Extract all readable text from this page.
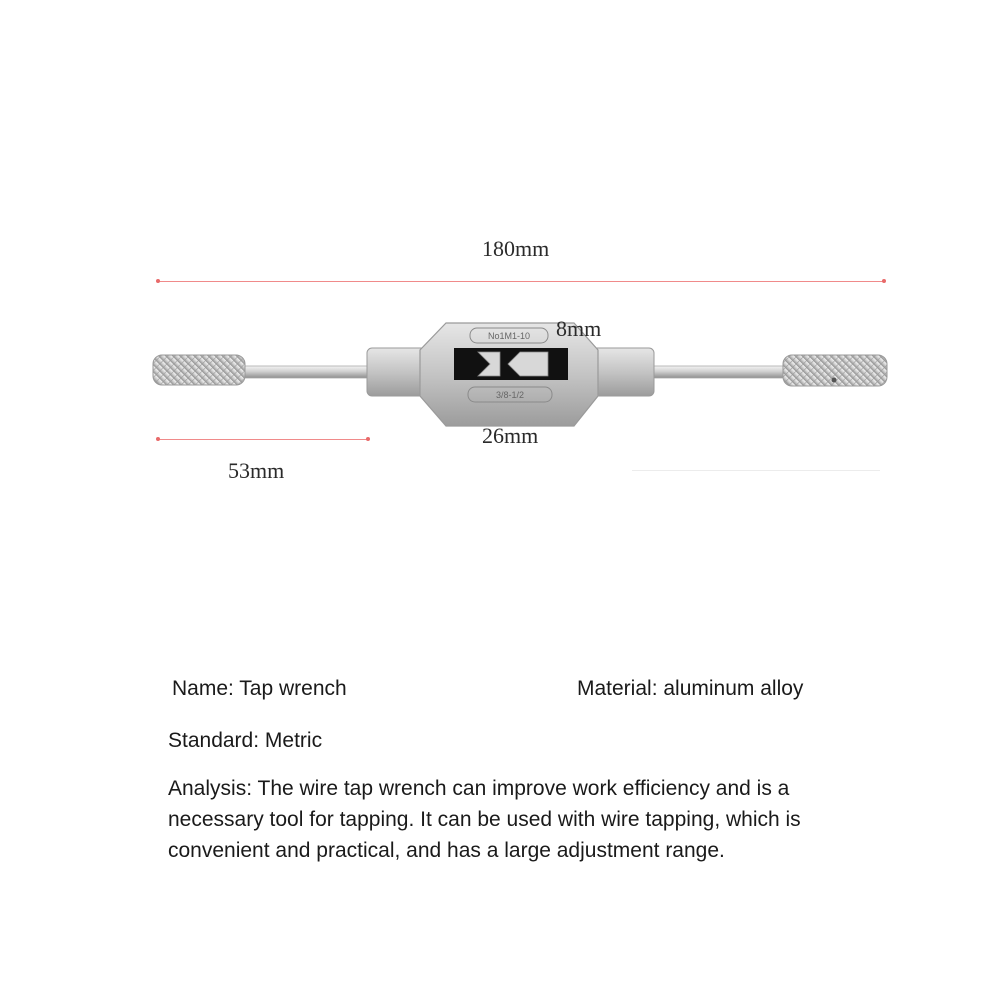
180mm
No1M1-10
3/8-1/2
8mm
26mm
53mm
Name: Tap wrench	Material: aluminum alloy
Standard: Metric
Analysis: The wire tap wrench can improve work efficiency and is a necessary tool for tapping. It can be used with wire tapping, which is convenient and practical, and has a large adjustment range.
